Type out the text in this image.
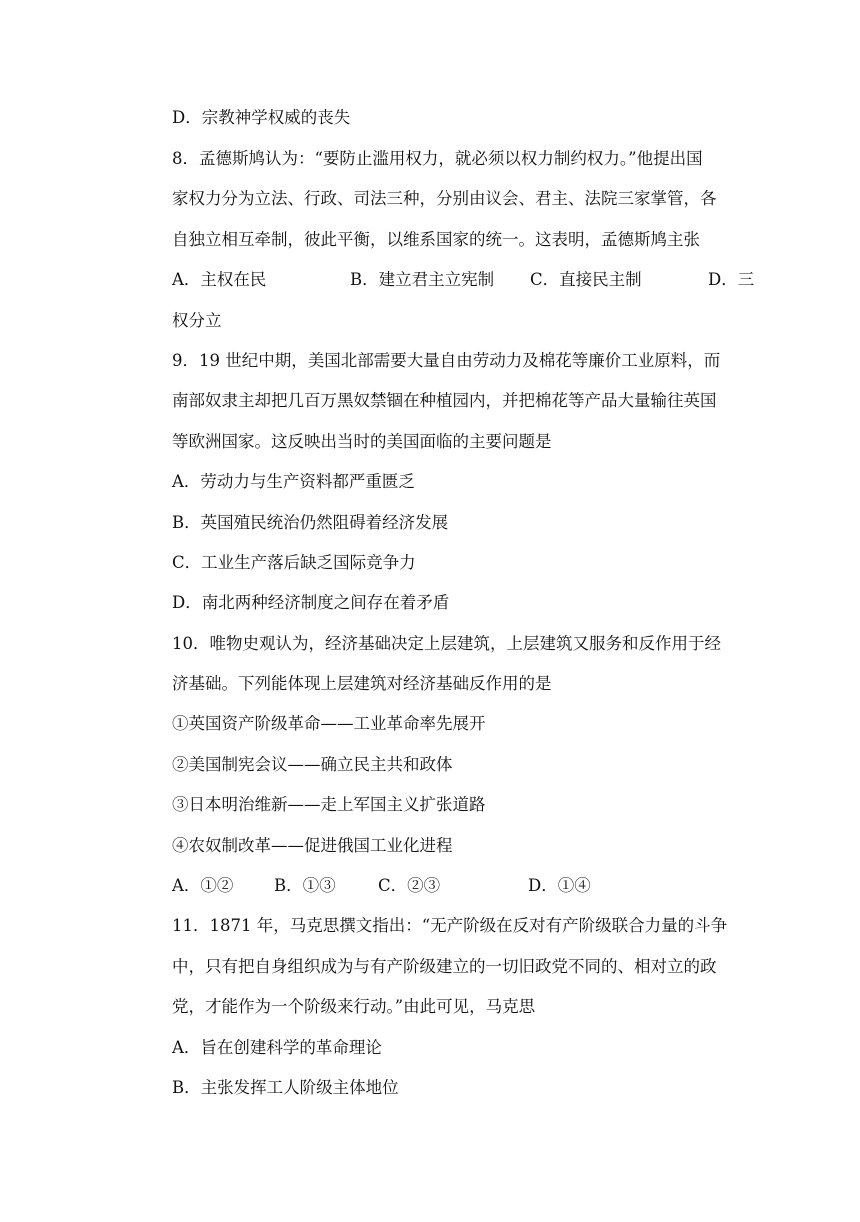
D．宗教神学权威的丧失
8．孟德斯鸠认为：“要防止滥用权力，就必须以权力制约权力。”他提出国
家权力分为立法、行政、司法三种，分别由议会、君主、法院三家掌管，各
自独立相互牵制，彼此平衡，以维系国家的统一。这表明，孟德斯鸠主张
A．主权在民	B．建立君主立宪制 C．直接民主制	D．三
权分立
9．19 世纪中期，美国北部需要大量自由劳动力及棉花等廉价工业原料，而
南部奴隶主却把几百万黑奴禁锢在种植园内，并把棉花等产品大量输往英国
等欧洲国家。这反映出当时的美国面临的主要问题是
A．劳动力与生产资料都严重匮乏
B．英国殖民统治仍然阻碍着经济发展
C．工业生产落后缺乏国际竞争力
D．南北两种经济制度之间存在着矛盾
10．唯物史观认为，经济基础决定上层建筑，上层建筑又服务和反作用于经
济基础。下列能体现上层建筑对经济基础反作用的是
①英国资产阶级革命——工业革命率先展开
②美国制宪会议——确立民主共和政体
③日本明治维新——走上军国主义扩张道路
④农奴制改革——促进俄国工业化进程
A．①② B．①③	C．②③	D．①④
11．1871 年，马克思撰文指出：“无产阶级在反对有产阶级联合力量的斗争
中，只有把自身组织成为与有产阶级建立的一切旧政党不同的、相对立的政
党，才能作为一个阶级来行动。”由此可见，马克思
A．旨在创建科学的革命理论
B．主张发挥工人阶级主体地位
